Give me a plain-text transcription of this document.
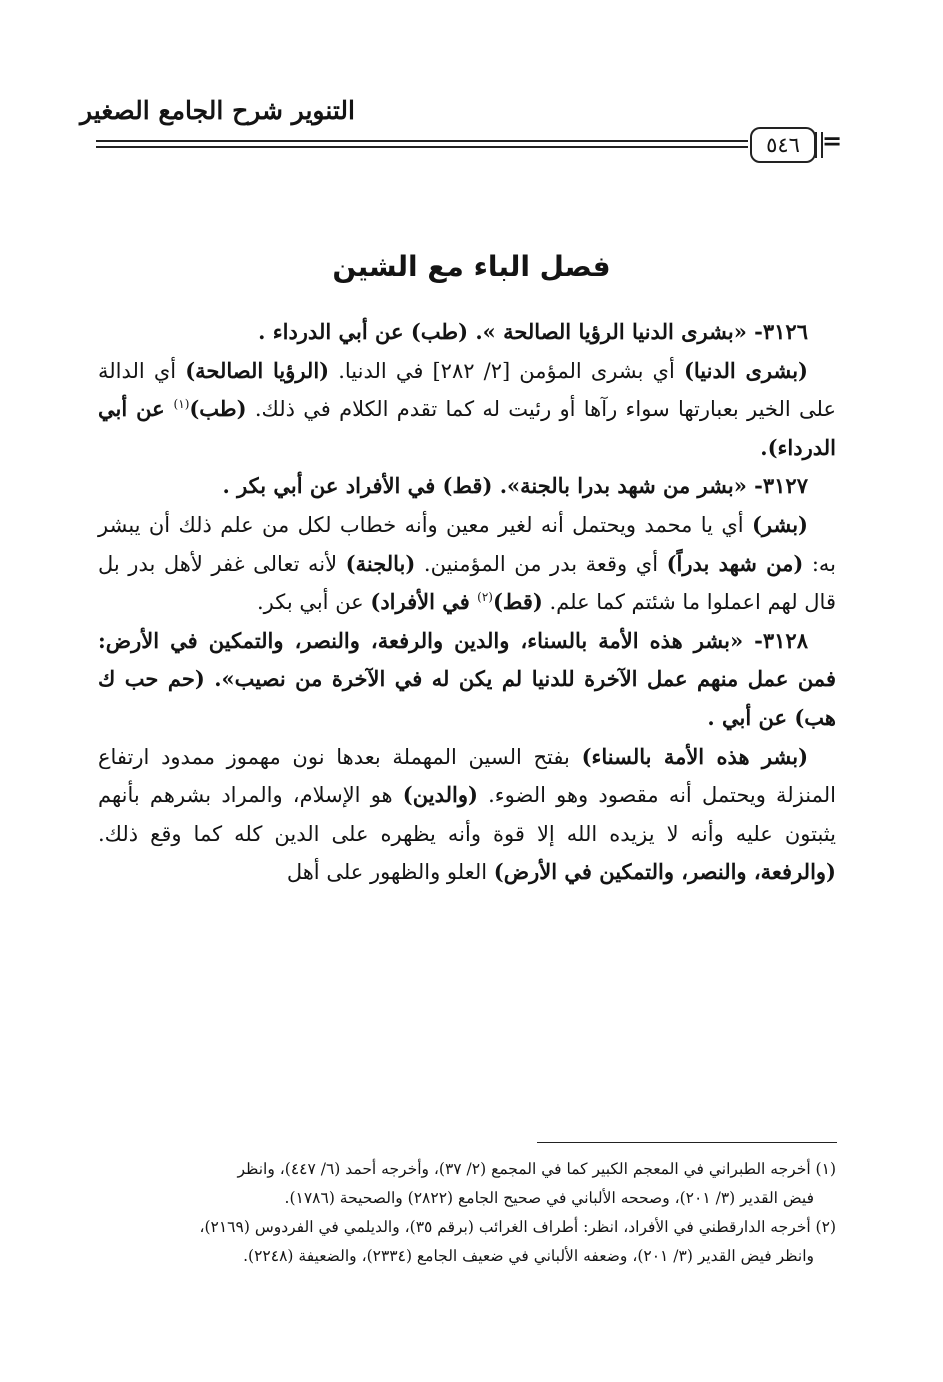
التنوير شرح الجامع الصغير
٥٤٦ =
فصل الباء مع الشين

٣١٢٦- «بشرى الدنيا الرؤيا الصالحة ». (طب) عن أبي الدرداء .

(بشرى الدنيا) أي بشرى المؤمن [٢/ ٢٨٢] في الدنيا. (الرؤيا الصالحة) أي الدالة على الخير بعبارتها سواء رآها أو رئيت له كما تقدم الكلام في ذلك. (طب)$^{(١)}$ عن أبي الدرداء).

٣١٢٧- «بشر من شهد بدرا بالجنة». (قط) في الأفراد عن أبي بكر .

(بشر) أي يا محمد ويحتمل أنه لغير معين وأنه خطاب لكل من علم ذلك أن يبشر به: (من شهد بدراً) أي وقعة بدر من المؤمنين. (بالجنة) لأنه تعالى غفر لأهل بدر بل قال لهم اعملوا ما شئتم كما علم. (قط)$^{(٢)}$ في الأفراد) عن أبي بكر.

٣١٢٨- «بشر هذه الأمة بالسناء، والدين والرفعة، والنصر، والتمكين في الأرض: فمن عمل منهم عمل الآخرة للدنيا لم يكن له في الآخرة من نصيب». (حم حب ك هب) عن أبي .

(بشر هذه الأمة بالسناء) بفتح السين المهملة بعدها نون مهموز ممدود ارتفاع المنزلة ويحتمل أنه مقصود وهو الضوء. (والدين) هو الإسلام، والمراد بشرهم بأنهم يثبتون عليه وأنه لا يزيده الله إلا قوة وأنه يظهره على الدين كله كما وقع ذلك. (والرفعة، والنصر، والتمكين في الأرض) العلو والظهور على أهل

(١) أخرجه الطبراني في المعجم الكبير كما في المجمع (٢/ ٣٧)، وأخرجه أحمد (٦/ ٤٤٧)، وانظر

فيض القدير (٣/ ٢٠١)، وصححه الألباني في صحيح الجامع (٢٨٢٢) والصحيحة (١٧٨٦).

(٢) أخرجه الدارقطني في الأفراد، انظر: أطراف الغرائب (برقم ٣٥)، والديلمي في الفردوس (٢١٦٩)،

وانظر فيض القدير (٣/ ٢٠١)، وضعفه الألباني في ضعيف الجامع (٢٣٣٤)، والضعيفة (٢٢٤٨).
